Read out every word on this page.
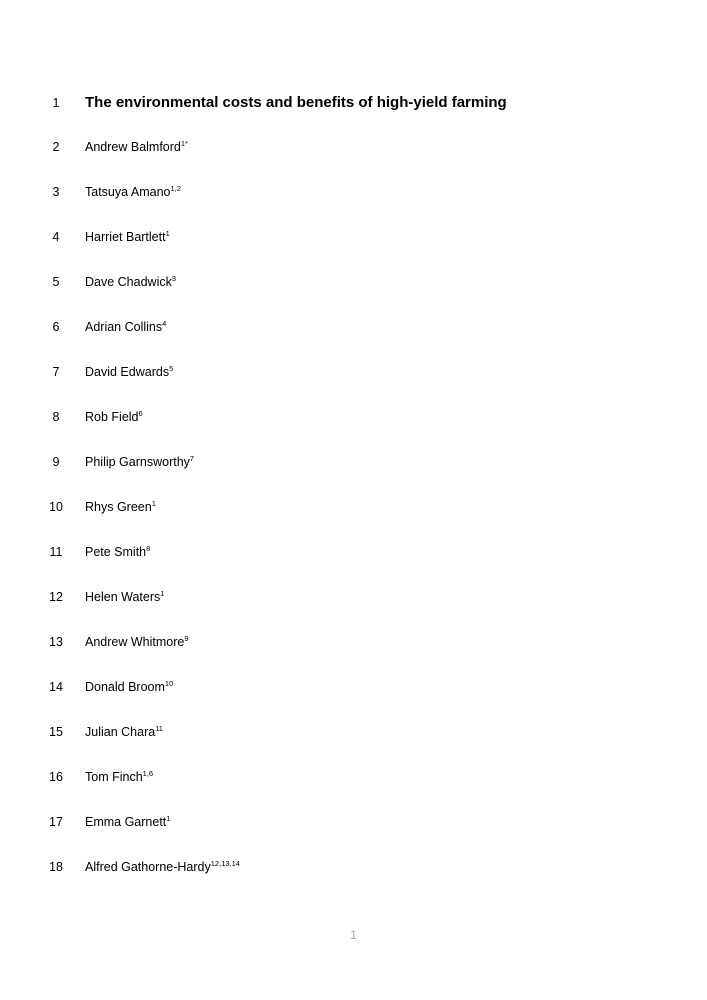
1	The environmental costs and benefits of high-yield farming
2	Andrew Balmford$^{1*}$
3	Tatsuya Amano$^{1,2}$
4	Harriet Bartlett$^1$
5	Dave Chadwick$^3$
6	Adrian Collins$^4$
7	David Edwards$^5$
8	Rob Field$^6$
9	Philip Garnsworthy$^7$
10 Rhys Green$^1$
11 Pete Smith$^8$
12 Helen Waters$^1$
13 Andrew Whitmore$^9$
14 Donald Broom$^{10}$
15 Julian Chara$^{11}$
16 Tom Finch$^{1,6}$
17 Emma Garnett$^1$
18 Alfred Gathorne-Hardy$^{12,13,14}$
1
